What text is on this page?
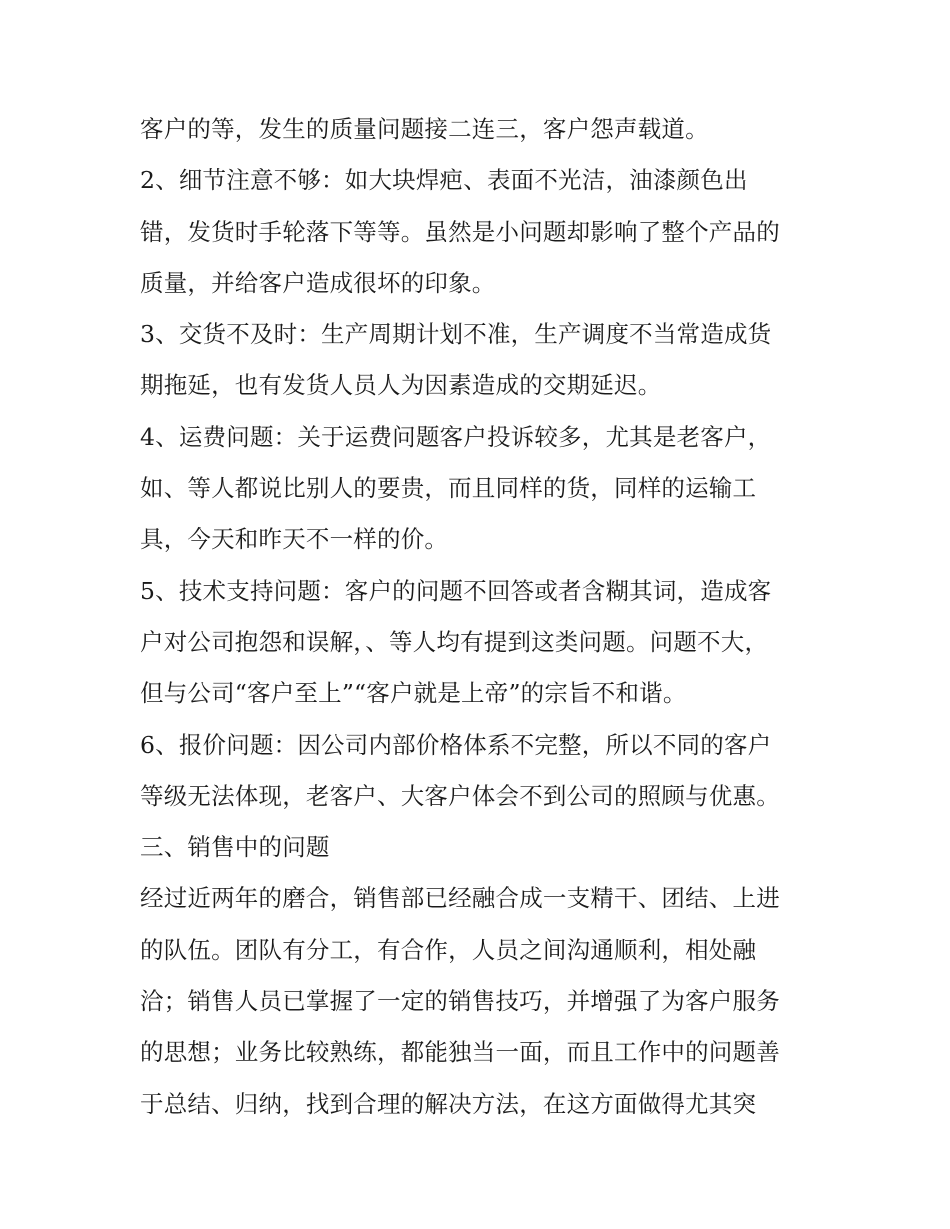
客户的等，发生的质量问题接二连三，客户怨声载道。
2、细节注意不够：如大块焊疤、表面不光洁，油漆颜色出
错，发货时手轮落下等等。虽然是小问题却影响了整个产品的
质量，并给客户造成很坏的印象。
3、交货不及时：生产周期计划不准，生产调度不当常造成货
期拖延，也有发货人员人为因素造成的交期延迟。
4、运费问题：关于运费问题客户投诉较多，尤其是老客户，
如、等人都说比别人的要贵，而且同样的货，同样的运输工
具，今天和昨天不一样的价。
5、技术支持问题：客户的问题不回答或者含糊其词，造成客
户对公司抱怨和误解，、等人均有提到这类问题。问题不大，
但与公司“客户至上”“客户就是上帝”的宗旨不和谐。
6、报价问题：因公司内部价格体系不完整，所以不同的客户
等级无法体现，老客户、大客户体会不到公司的照顾与优惠。
三、销售中的问题
经过近两年的磨合，销售部已经融合成一支精干、团结、上进
的队伍。团队有分工，有合作，人员之间沟通顺利，相处融
洽；销售人员已掌握了一定的销售技巧，并增强了为客户服务
的思想；业务比较熟练，都能独当一面，而且工作中的问题善
于总结、归纳，找到合理的解决方法，在这方面做得尤其突
